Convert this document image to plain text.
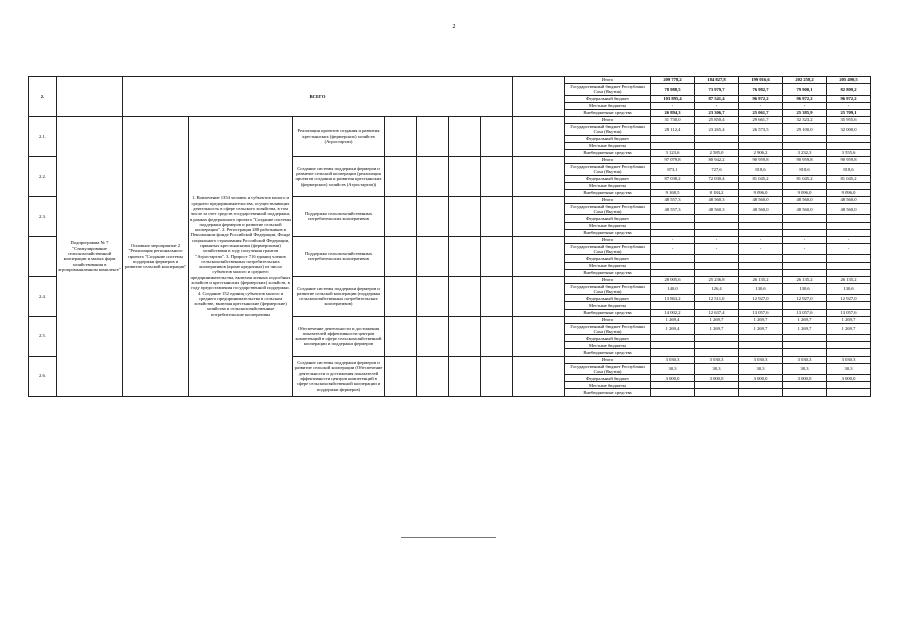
2
2.		ВСЕГО								Итого	209 778,2	184 827,8	199 016,6	202 258,2	205 490,5
										Государственный бюджет Республики Саха (Якутия)	78 988,5	73 979,7	76 982,7	79 900,1	82 809,2
										Федеральный бюджет	103 895,4	87 541,4	96 972,2	96 972,2	96 972,2
										Местные бюджеты	-	-	-	-	-
										Внебюджетные средства	26 894,3	23 306,7	25 061,7	25 385,9	25 709,1
2.1.	Подпрограмма № 7 "Стимулирование сельскохозяйственной кооперации и малых форм хозяйствования в агропромышленном комплексе"	Основное мероприятие 2 "Реализация регионального проекта "Создание системы поддержки фермеров и развитие сельской кооперации"	1. Вовлечение 1354 человек и субъектов малого и среднего предпринимательства, осуществляющих деятельность в сфере сельского хозяйства, в том числе за счет средств государственной поддержки, в рамках федерального проекта "Создание системы поддержки фермеров и развитие сельской кооперации". 2. Регистрация 288 работников в Пенсионном фонде Российской Федерации, Фонде социального страхования Российской Федерации, принятых крестьянскими (фермерскими) хозяйствами в году получения грантов "Агростартап". 3. Прирост 716 единиц членов сельскохозяйственных потребительских кооперативов (кроме кредитных) из числа субъектов малого и среднего предпринимательства, включая личных подсобных хозяйств и крестьянских (фермерских) хозяйств, в году предоставления государственной поддержки. 4. Создание 152 единиц субъектов малого и среднего предпринимательства в сельском хозяйстве, включая крестьянские (фермерские) хозяйства и сельскохозяйственные потребительские кооперативы	Реализация проектов создания и развития крестьянских (фермерских) хозяйств (Агростартап)						Итого	31 730,0	25 850,4	29 661,7	32 323,2	35 955,6
										Государственный бюджет Республики Саха (Якутия)	28 112,4	23 265,4	26 573,5	29 100,0	32 000,0
										Федеральный бюджет					
										Местные бюджеты					
										Внебюджетные средства	3 123,6	2 585,0	2 906,2	3 232,3	3 555,6
2.2.				Создание системы поддержки фермеров и развитие сельской кооперации (реализация проектов создания и развития крестьянских (фермерских) хозяйств (Агростартап))						Итого	97 079,8	80 942,2	90 959,8	90 959,8	90 959,8
										Государственный бюджет Республики Саха (Якутия)	873,1	727,6	818,6	818,6	818,6
										Федеральный бюджет	87 038,2	72 030,4	81 045,2	81 045,2	81 045,2
										Местные бюджеты					
										Внебюджетные средства	9 168,5	8 184,2	9 096,0	9 096,0	9 096,0
2.3.				Поддержка сельскохозяйственных потребительских кооперативов						Итого	48 557,3	48 560,3	48 560,0	48 560,0	48 560,0
										Государственный бюджет Республики Саха (Якутия)	48 557,3	48 560,3	48 560,0	48 560,0	48 560,0
										Федеральный бюджет					
										Местные бюджеты					
										Внебюджетные средства					
				Поддержка сельскохозяйственных потребительских кооперативов						Итого	-	-	-	-	-
										Государственный бюджет Республики Саха (Якутия)	-	-	-	-	-
										Федеральный бюджет					
										Местные бюджеты					
										Внебюджетные средства					
2.4.				Создание системы поддержки фермеров и развитие сельской кооперации (поддержка сельскохозяйственных потребительских кооперативов)						Итого	28 005,6	25 236,8	26 135,2	26 135,2	26 135,2
										Государственный бюджет Республики Саха (Якутия)	140,0	126,4	130,6	130,6	130,6
										Федеральный бюджет	13 863,2	12 511,0	12 927,0	12 927,0	12 927,0
										Местные бюджеты					
										Внебюджетные средства	14 002,2	12 637,4	13 057,6	13 057,6	13 057,6
2.5.				Обеспечение деятельности и достижения показателей эффективности центров компетенций в сфере сельскохозяйственной кооперации и поддержки фермеров						Итого	1 269,4	1 269,7	1 269,7	1 269,7	1 269,7
										Государственный бюджет Республики Саха (Якутия)	1 269,4	1 269,7	1 269,7	1 269,7	1 269,7
										Федеральный бюджет					
										Местные бюджеты					
										Внебюджетные средства					
2.6.				Создание системы поддержки фермеров и развитие сельской кооперации (Обеспечение деятельности и достижения показателей эффективности центров компетенций в сфере сельскохозяйственной кооперации и поддержки фермеров)						Итого	3 030,3	3 030,3	3 030,3	3 030,3	3 030,3
										Государственный бюджет Республики Саха (Якутия)	30,3	30,3	30,3	30,3	30,3
										Федеральный бюджет	3 000,0	3 000,0	3 000,0	3 000,0	3 000,0
										Местные бюджеты					
										Внебюджетные средства					
